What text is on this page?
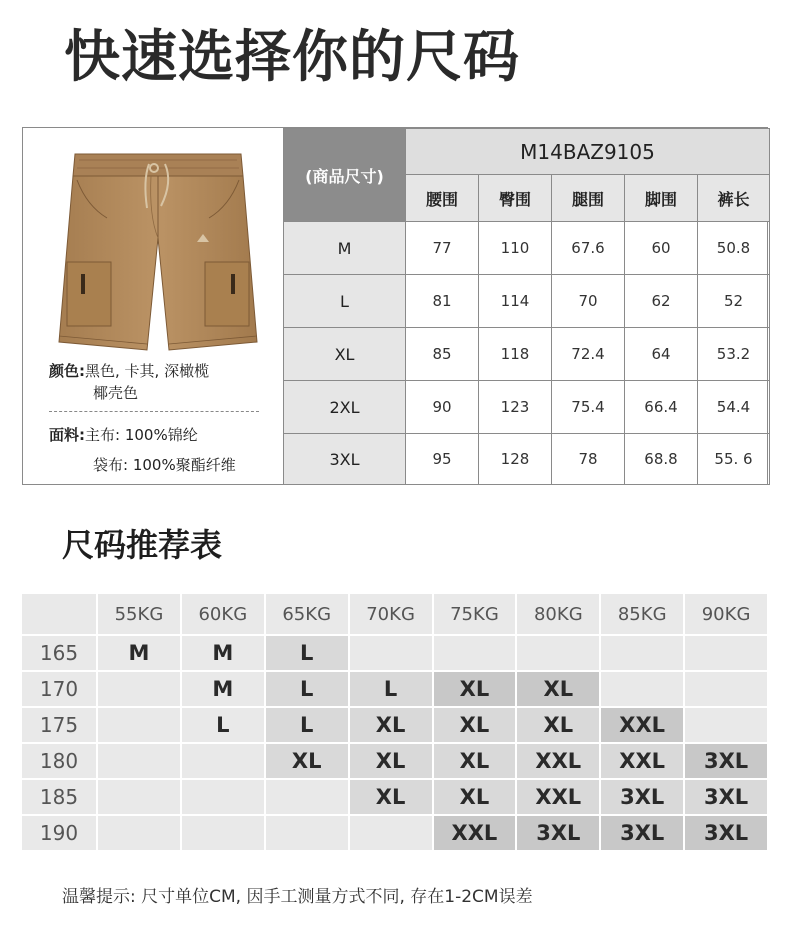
快速选择你的尺码
颜色:黑色, 卡其, 深橄榄
椰壳色
面料:主布: 100%锦纶
袋布: 100%聚酯纤维
(商品尺寸)	M14BAZ9105				
	腰围	臀围	腿围	脚围	裤长
M	77	110	67.6	60	50.8
L	81	114	70	62	52
XL	85	118	72.4	64	53.2
2XL	90	123	75.4	66.4	54.4
3XL	95	128	78	68.8	55. 6
尺码推荐表
	55KG	60KG	65KG	70KG	75KG	80KG	85KG	90KG
165	M	M	L					
170		M	L	L	XL	XL		
175		L	L	XL	XL	XL	XXL	
180			XL	XL	XL	XXL	XXL	3XL
185				XL	XL	XXL	3XL	3XL
190					XXL	3XL	3XL	3XL
温馨提示: 尺寸单位CM, 因手工测量方式不同, 存在1-2CM误差
